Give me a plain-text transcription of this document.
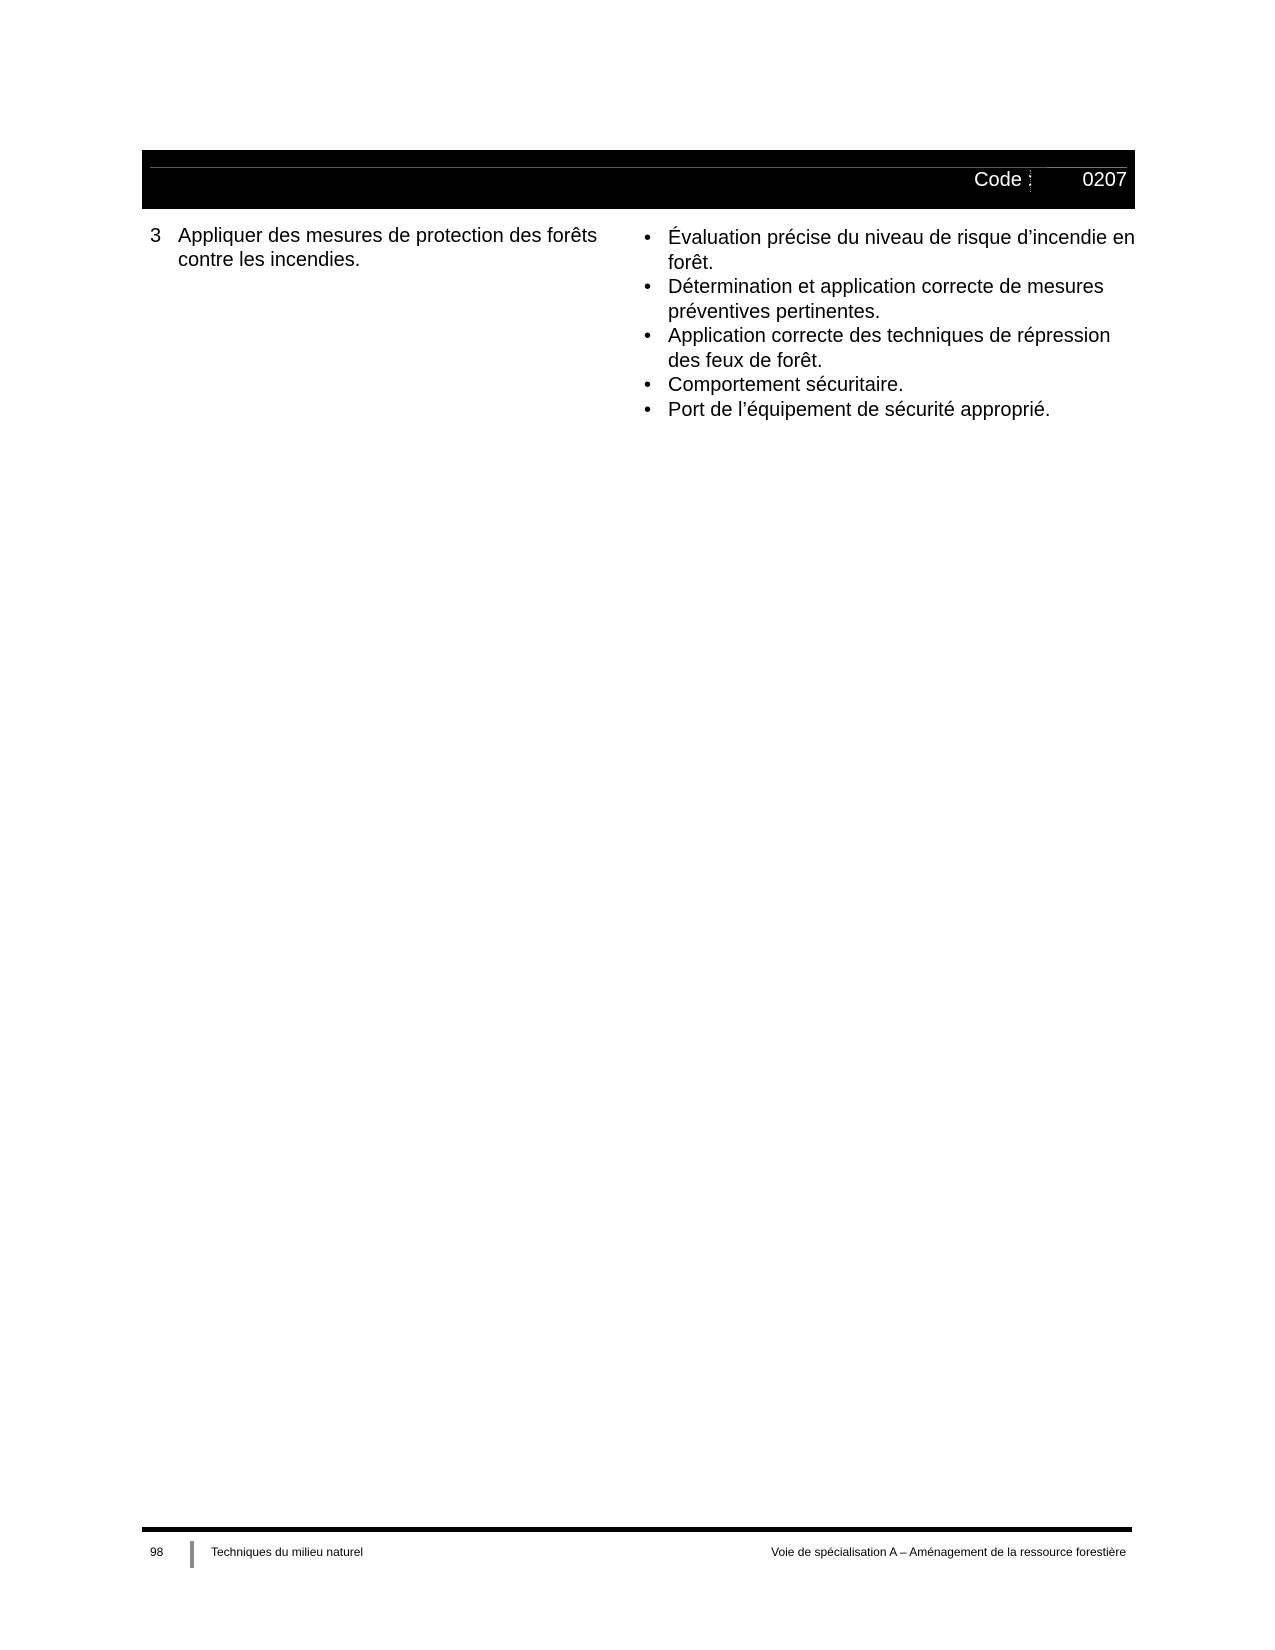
Code : 0207
3 Appliquer des mesures de protection des forêts contre les incendies.
• Évaluation précise du niveau de risque d’incendie en forêt.
• Détermination et application correcte de mesures préventives pertinentes.
• Application correcte des techniques de répression des feux de forêt.
• Comportement sécuritaire.
• Port de l’équipement de sécurité approprié.
98	Techniques du milieu naturel	Voie de spécialisation A – Aménagement de la ressource forestière
